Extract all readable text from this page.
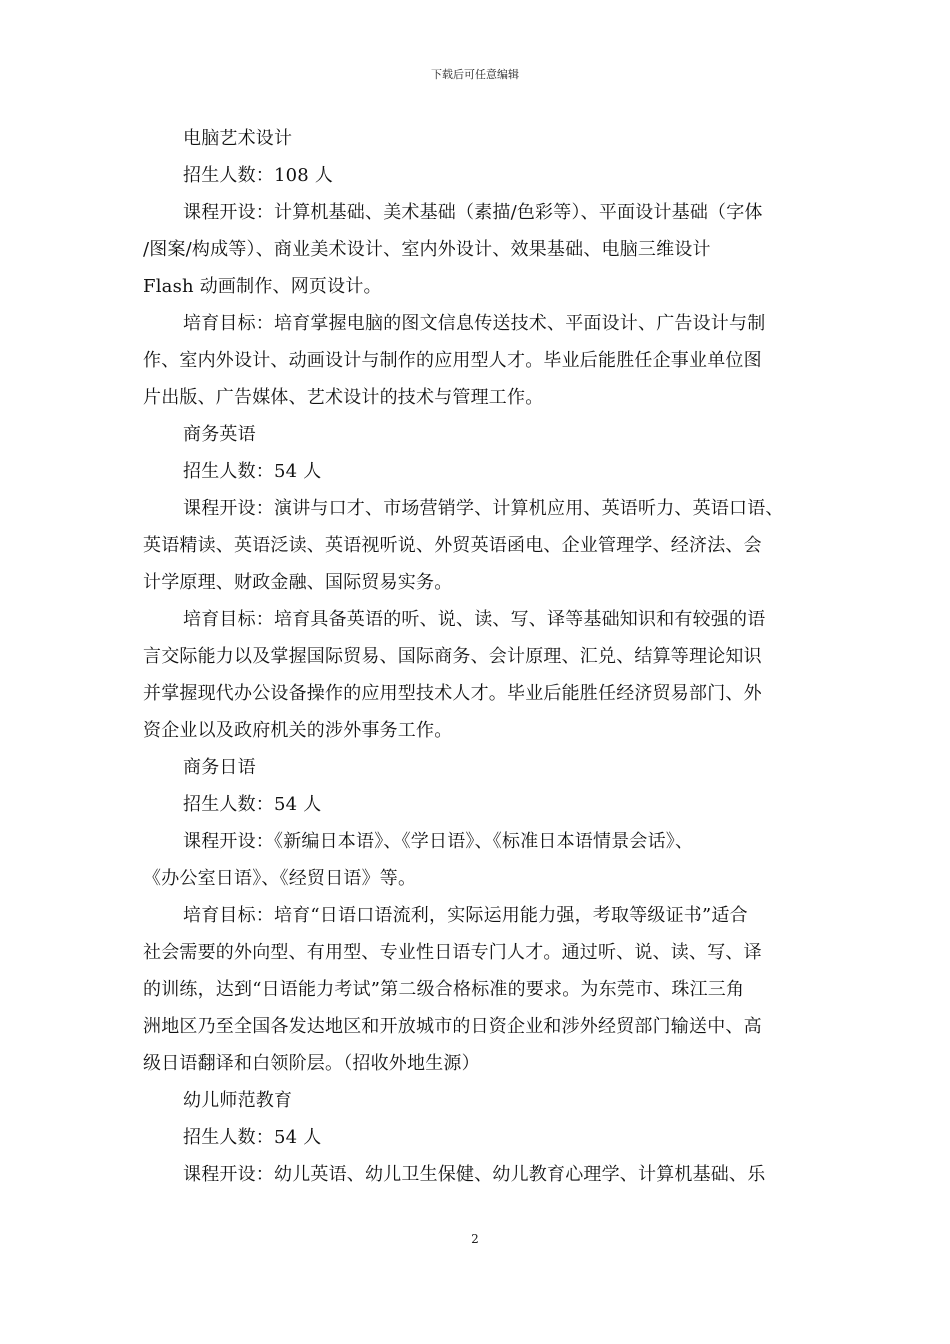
下载后可任意编辑
电脑艺术设计
招生人数：108 人
课程开设：计算机基础、美术基础（素描/色彩等）、平面设计基础（字体
/图案/构成等）、商业美术设计、室内外设计、效果基础、电脑三维设计
Flash 动画制作、网页设计。
培育目标：培育掌握电脑的图文信息传送技术、平面设计、广告设计与制
作、室内外设计、动画设计与制作的应用型人才。毕业后能胜任企事业单位图
片出版、广告媒体、艺术设计的技术与管理工作。
商务英语
招生人数：54 人
课程开设：演讲与口才、市场营销学、计算机应用、英语听力、英语口语、
英语精读、英语泛读、英语视听说、外贸英语函电、企业管理学、经济法、会
计学原理、财政金融、国际贸易实务。
培育目标：培育具备英语的听、说、读、写、译等基础知识和有较强的语
言交际能力以及掌握国际贸易、国际商务、会计原理、汇兑、结算等理论知识
并掌握现代办公设备操作的应用型技术人才。毕业后能胜任经济贸易部门、外
资企业以及政府机关的涉外事务工作。
商务日语
招生人数：54 人
课程开设：《新编日本语》、《学日语》、《标准日本语情景会话》、
《办公室日语》、《经贸日语》等。
培育目标：培育“日语口语流利，实际运用能力强，考取等级证书”适合
社会需要的外向型、有用型、专业性日语专门人才。通过听、说、读、写、译
的训练，达到“日语能力考试”第二级合格标准的要求。为东莞市、珠江三角
洲地区乃至全国各发达地区和开放城市的日资企业和涉外经贸部门输送中、高
级日语翻译和白领阶层。（招收外地生源）
幼儿师范教育
招生人数：54 人
课程开设：幼儿英语、幼儿卫生保健、幼儿教育心理学、计算机基础、乐
2
